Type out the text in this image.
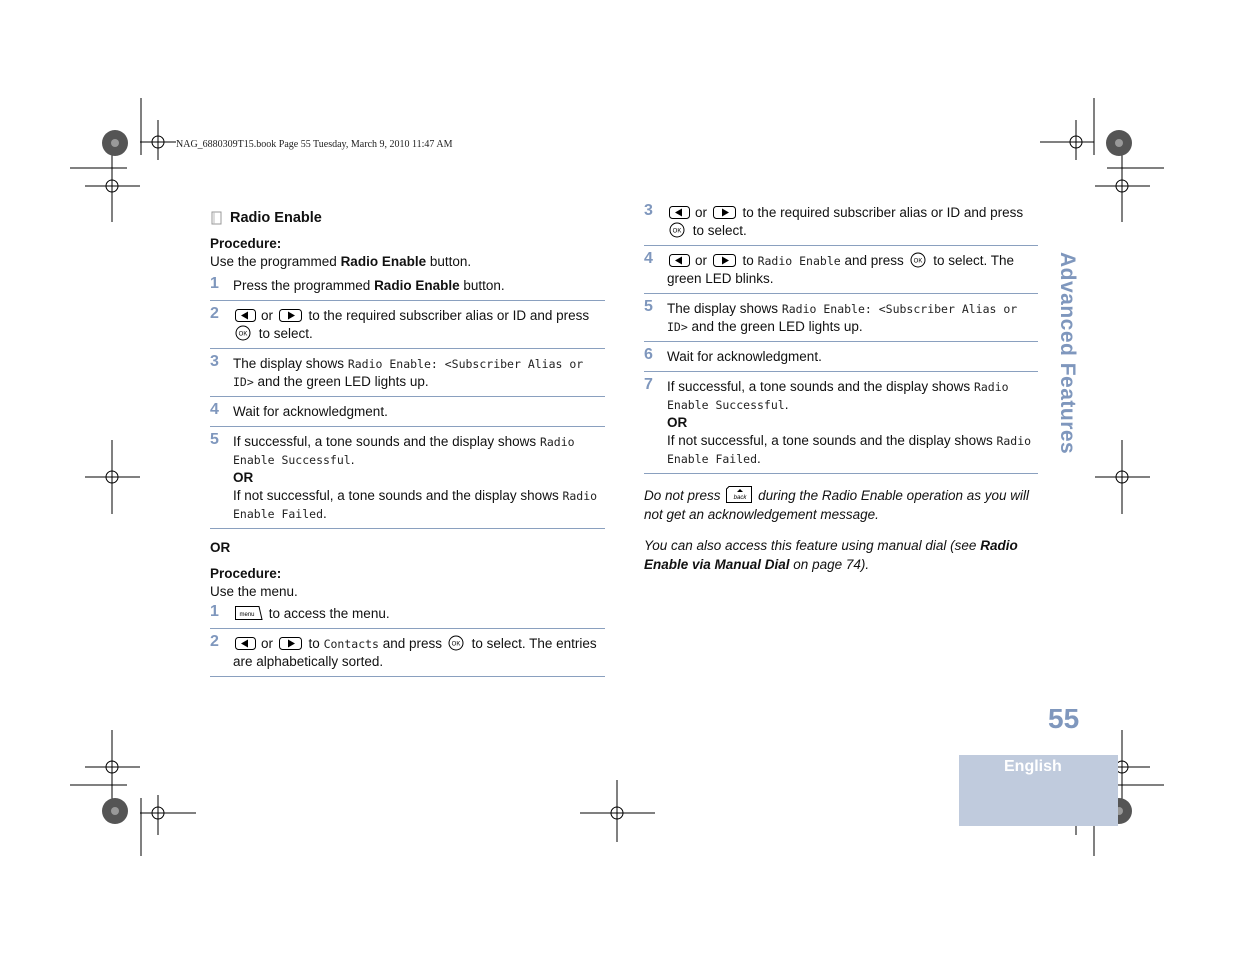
NAG_6880309T15.book Page 55 Tuesday, March 9, 2010 11:47 AM
Radio Enable
Procedure:
Use the programmed Radio Enable button.
1 Press the programmed Radio Enable button.
2	or	to the required subscriber alias or ID and press
OK to select.
3 The display shows Radio Enable: <Subscriber Alias or ID> and the green LED lights up.
4 Wait for acknowledgment.
5 If successful, a tone sounds and the display shows Radio Enable Successful.
OR
If not successful, a tone sounds and the display shows Radio Enable Failed.
OR
Procedure:
Use the menu.
1	menu to access the menu.
2	or	to Contacts and press OK to select. The entries are alphabetically sorted.
3	or	to the required subscriber alias or ID and press
OK to select.
4	or	to Radio Enable and press OK to select. The green LED blinks.
5 The display shows Radio Enable: <Subscriber Alias or ID> and the green LED lights up.
6 Wait for acknowledgment.
7 If successful, a tone sounds and the display shows Radio Enable Successful.
OR
If not successful, a tone sounds and the display shows Radio Enable Failed.
Do not press back during the Radio Enable operation as you will not get an acknowledgement message.
You can also access this feature using manual dial (see Radio Enable via Manual Dial on page 74).
Advanced Features
55
English
